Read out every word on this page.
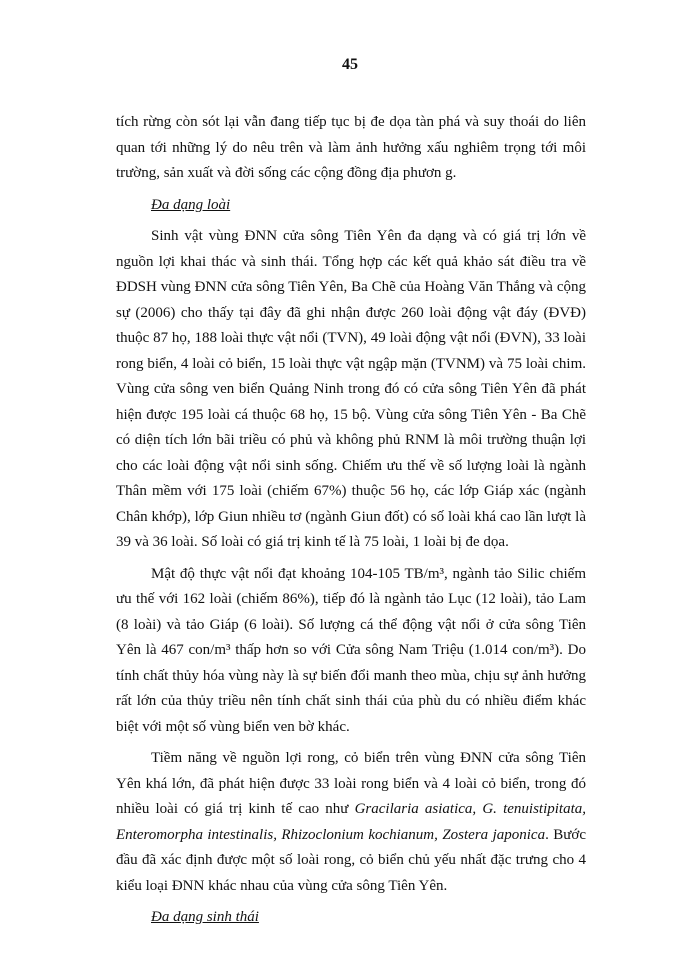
45

tích rừng còn sót lại vẫn đang tiếp tục bị đe dọa tàn phá và suy thoái do liên quan tới những lý do nêu trên và làm ảnh hưởng xấu nghiêm trọng tới môi trường, sản xuất và đời sống các cộng đồng địa phươn g.

Đa dạng loài

Sinh vật vùng ĐNN cửa sông Tiên Yên đa dạng và có giá trị lớn về nguồn lợi khai thác và sinh thái. Tổng hợp các kết quả khảo sát điều tra về ĐDSH vùng ĐNN cửa sông Tiên Yên, Ba Chẽ của Hoàng Văn Thắng và cộng sự (2006) cho thấy tại đây đã ghi nhận được 260 loài động vật đáy (ĐVĐ) thuộc 87 họ, 188 loài thực vật nổi (TVN), 49 loài động vật nổi (ĐVN), 33 loài rong biển, 4 loài cỏ biển, 15 loài thực vật ngập mặn (TVNM) và 75 loài chim. Vùng cửa sông ven biển Quảng Ninh trong đó có cửa sông Tiên Yên đã phát hiện được 195 loài cá thuộc 68 họ, 15 bộ. Vùng cửa sông Tiên Yên - Ba Chẽ có diện tích lớn bãi triều có phủ và không phủ RNM là môi trường thuận lợi cho các loài động vật nổi sinh sống. Chiếm ưu thế về số lượng loài là ngành Thân mềm với 175 loài (chiếm 67%) thuộc 56 họ, các lớp Giáp xác (ngành Chân khớp), lớp Giun nhiều tơ (ngành Giun đốt) có số loài khá cao lần lượt là 39 và 36 loài. Số loài có giá trị kinh tế là 75 loài, 1 loài bị đe dọa.

Mật độ thực vật nổi đạt khoảng 104-105 TB/m³, ngành tảo Silic chiếm ưu thế với 162 loài (chiếm 86%), tiếp đó là ngành tảo Lục (12 loài), tảo Lam (8 loài) và tảo Giáp (6 loài). Số lượng cá thể động vật nổi ở cửa sông Tiên Yên là 467 con/m³ thấp hơn so với Cửa sông Nam Triệu (1.014 con/m³). Do tính chất thủy hóa vùng này là sự biến đổi manh theo mùa, chịu sự ảnh hưởng rất lớn của thủy triều nên tính chất sinh thái của phù du có nhiều điểm khác biệt với một số vùng biển ven bờ khác.

Tiềm năng về nguồn lợi rong, cỏ biển trên vùng ĐNN cửa sông Tiên Yên khá lớn, đã phát hiện được 33 loài rong biển và 4 loài cỏ biển, trong đó nhiều loài có giá trị kinh tế cao như Gracilaria asiatica, G. tenuistipitata, Enteromorpha intestinalis, Rhizoclonium kochianum, Zostera japonica. Bước đầu đã xác định được một số loài rong, cỏ biển chủ yếu nhất đặc trưng cho 4 kiểu loại ĐNN khác nhau của vùng cửa sông Tiên Yên.

Đa dạng sinh thái
